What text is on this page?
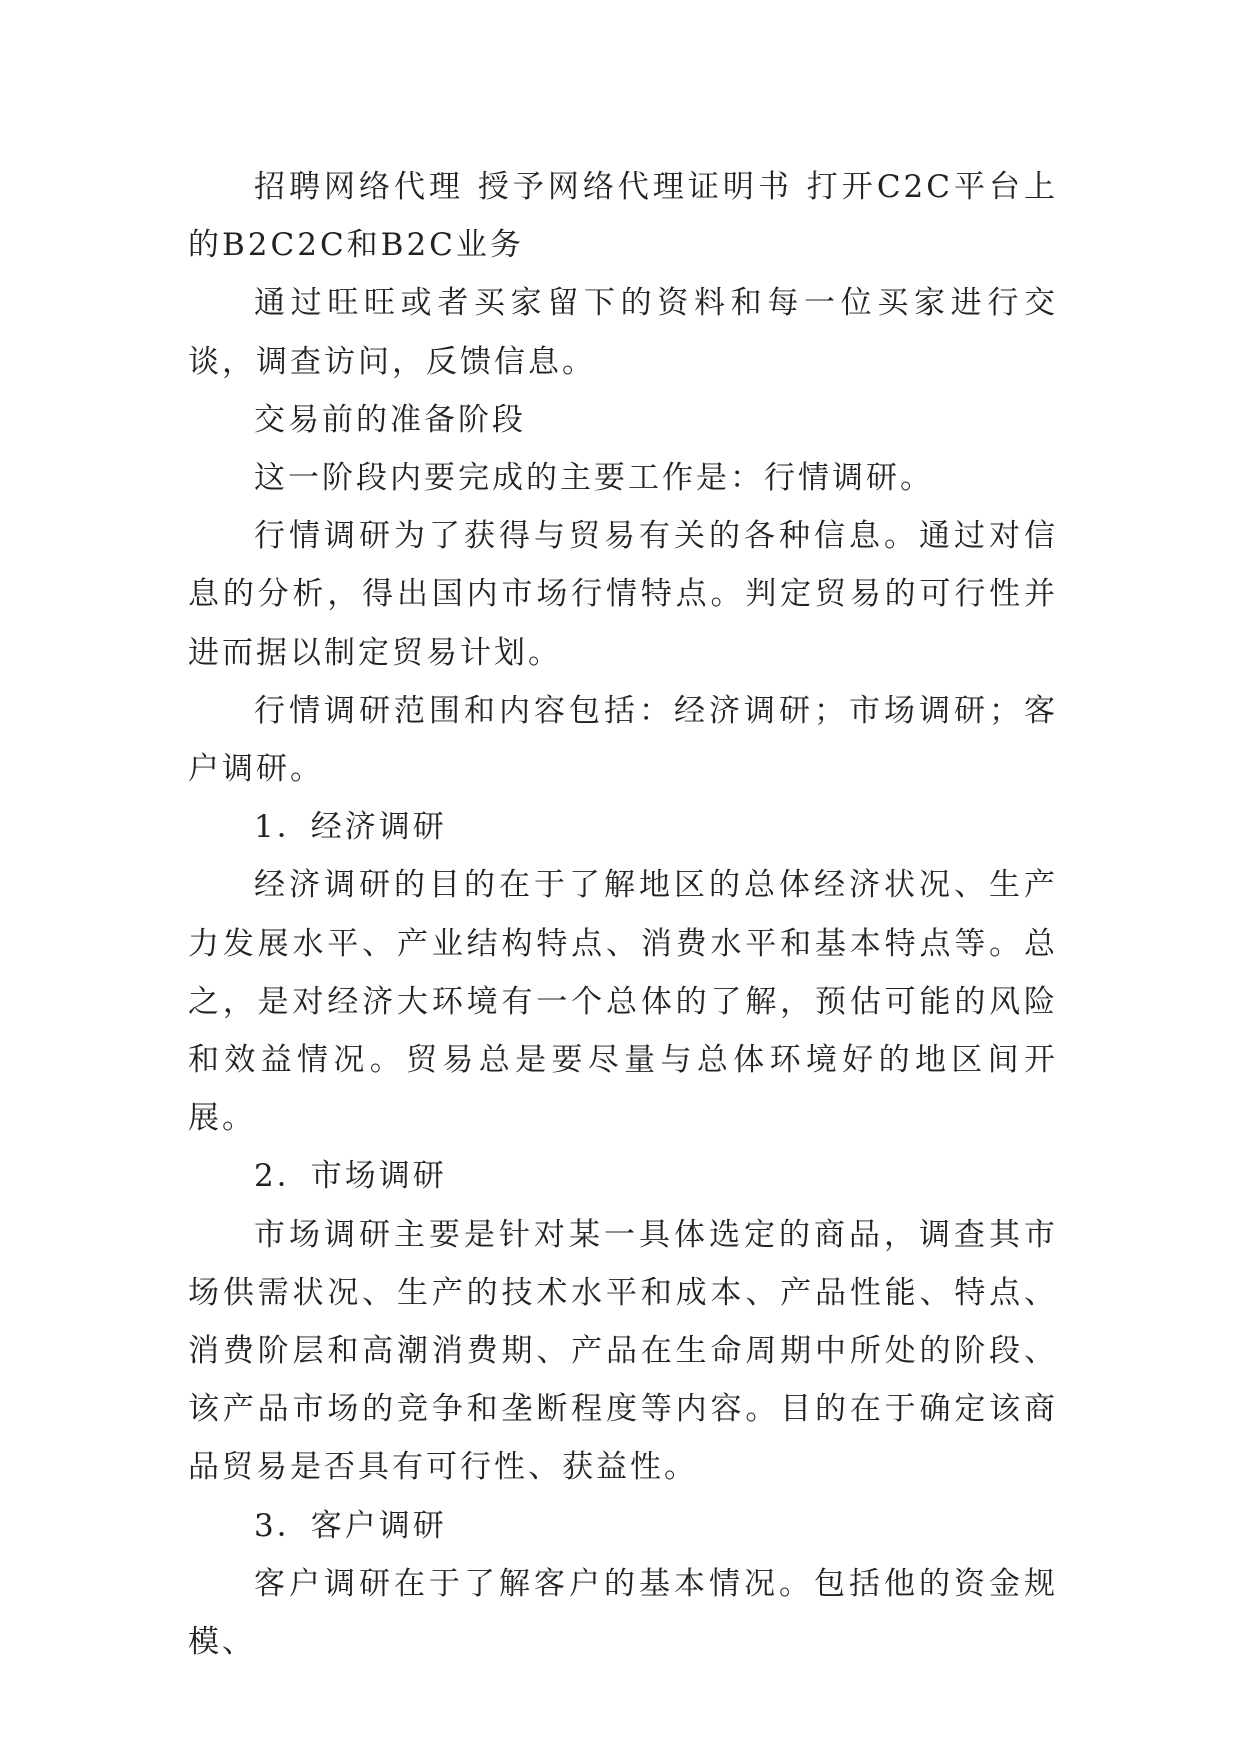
招聘网络代理 授予网络代理证明书 打开C2C平台上的B2C2C和B2C业务

通过旺旺或者买家留下的资料和每一位买家进行交谈，调查访问，反馈信息。

交易前的准备阶段

这一阶段内要完成的主要工作是：行情调研。

行情调研为了获得与贸易有关的各种信息。通过对信息的分析，得出国内市场行情特点。判定贸易的可行性并进而据以制定贸易计划。

行情调研范围和内容包括：经济调研；市场调研；客户调研。

1．经济调研

经济调研的目的在于了解地区的总体经济状况、生产力发展水平、产业结构特点、消费水平和基本特点等。总之，是对经济大环境有一个总体的了解，预估可能的风险和效益情况。贸易总是要尽量与总体环境好的地区间开展。

2．市场调研

市场调研主要是针对某一具体选定的商品，调查其市场供需状况、生产的技术水平和成本、产品性能、特点、消费阶层和高潮消费期、产品在生命周期中所处的阶段、该产品市场的竞争和垄断程度等内容。目的在于确定该商品贸易是否具有可行性、获益性。

3．客户调研

客户调研在于了解客户的基本情况。包括他的资金规模、
